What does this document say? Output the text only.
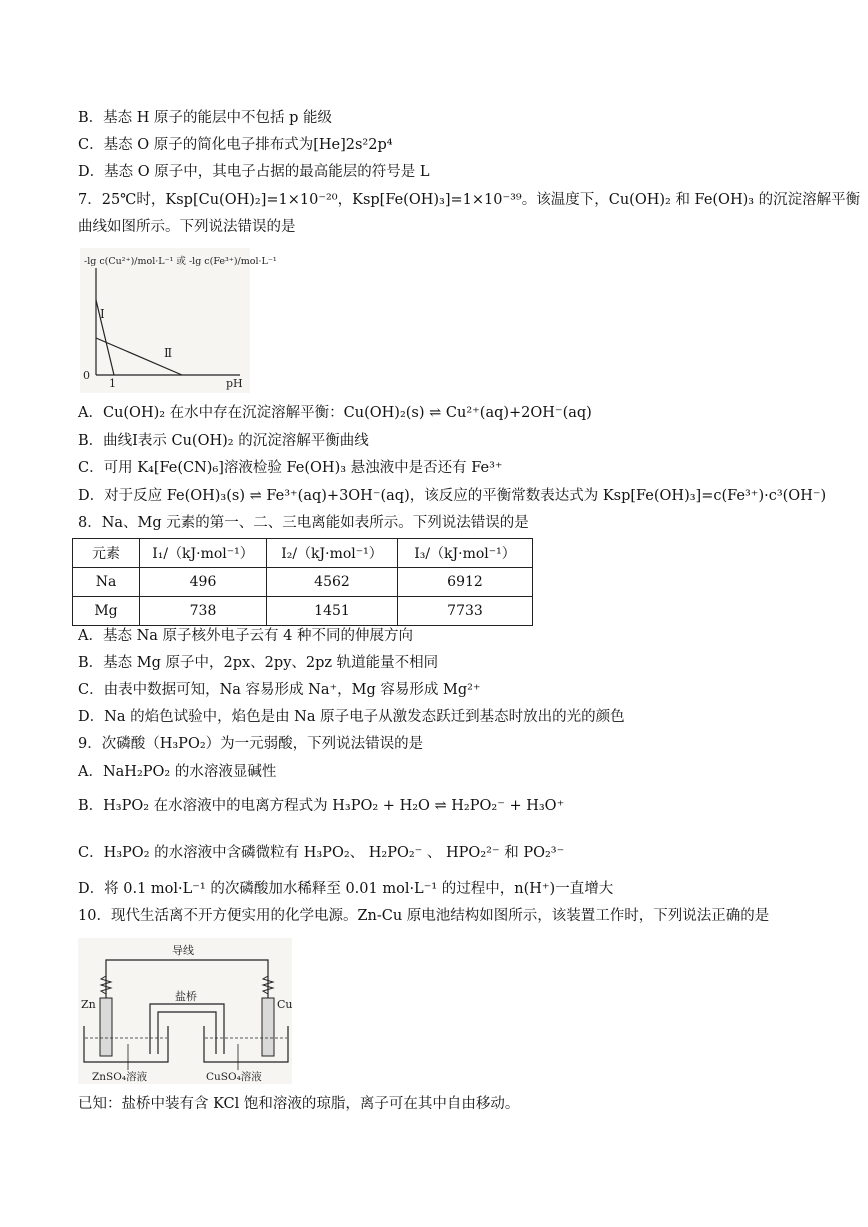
B．基态 H 原子的能层中不包括 p 能级
C．基态 O 原子的简化电子排布式为[He]2s²2p⁴
D．基态 O 原子中，其电子占据的最高能层的符号是 L
7．25℃时，Ksp[Cu(OH)₂]=1×10⁻²⁰，Ksp[Fe(OH)₃]=1×10⁻³⁹。该温度下，Cu(OH)₂ 和 Fe(OH)₃ 的沉淀溶解平衡
曲线如图所示。下列说法错误的是
-lg c(Cu²⁺)/mol·L⁻¹ 或 -lg c(Fe³⁺)/mol·L⁻¹
Ⅰ
Ⅱ
0
1	pH
A．Cu(OH)₂ 在水中存在沉淀溶解平衡：Cu(OH)₂(s) ⇌ Cu²⁺(aq)+2OH⁻(aq)
B．曲线Ⅰ表示 Cu(OH)₂ 的沉淀溶解平衡曲线
C．可用 K₄[Fe(CN)₆]溶液检验 Fe(OH)₃ 悬浊液中是否还有 Fe³⁺
D．对于反应 Fe(OH)₃(s) ⇌ Fe³⁺(aq)+3OH⁻(aq)，该反应的平衡常数表达式为 Ksp[Fe(OH)₃]=c(Fe³⁺)·c³(OH⁻)
8．Na、Mg 元素的第一、二、三电离能如表所示。下列说法错误的是
元素	I₁/（kJ·mol⁻¹）	I₂/（kJ·mol⁻¹）	I₃/（kJ·mol⁻¹）
Na	496	4562	6912
Mg	738	1451	7733
A．基态 Na 原子核外电子云有 4 种不同的伸展方向
B．基态 Mg 原子中，2px、2py、2pz 轨道能量不相同
C．由表中数据可知，Na 容易形成 Na⁺，Mg 容易形成 Mg²⁺
D．Na 的焰色试验中，焰色是由 Na 原子电子从激发态跃迁到基态时放出的光的颜色
9．次磷酸（H₃PO₂）为一元弱酸，下列说法错误的是
A．NaH₂PO₂ 的水溶液显碱性
B．H₃PO₂ 在水溶液中的电离方程式为 H₃PO₂ + H₂O ⇌ H₂PO₂⁻ + H₃O⁺
C．H₃PO₂ 的水溶液中含磷微粒有 H₃PO₂、 H₂PO₂⁻ 、 HPO₂²⁻ 和 PO₂³⁻
D．将 0.1 mol·L⁻¹ 的次磷酸加水稀释至 0.01 mol·L⁻¹ 的过程中，n(H⁺)一直增大
10．现代生活离不开方便实用的化学电源。Zn-Cu 原电池结构如图所示，该装置工作时，下列说法正确的是
导线
Zn	Cu
盐桥
ZnSO₄溶液	CuSO₄溶液
已知：盐桥中装有含 KCl 饱和溶液的琼脂，离子可在其中自由移动。
